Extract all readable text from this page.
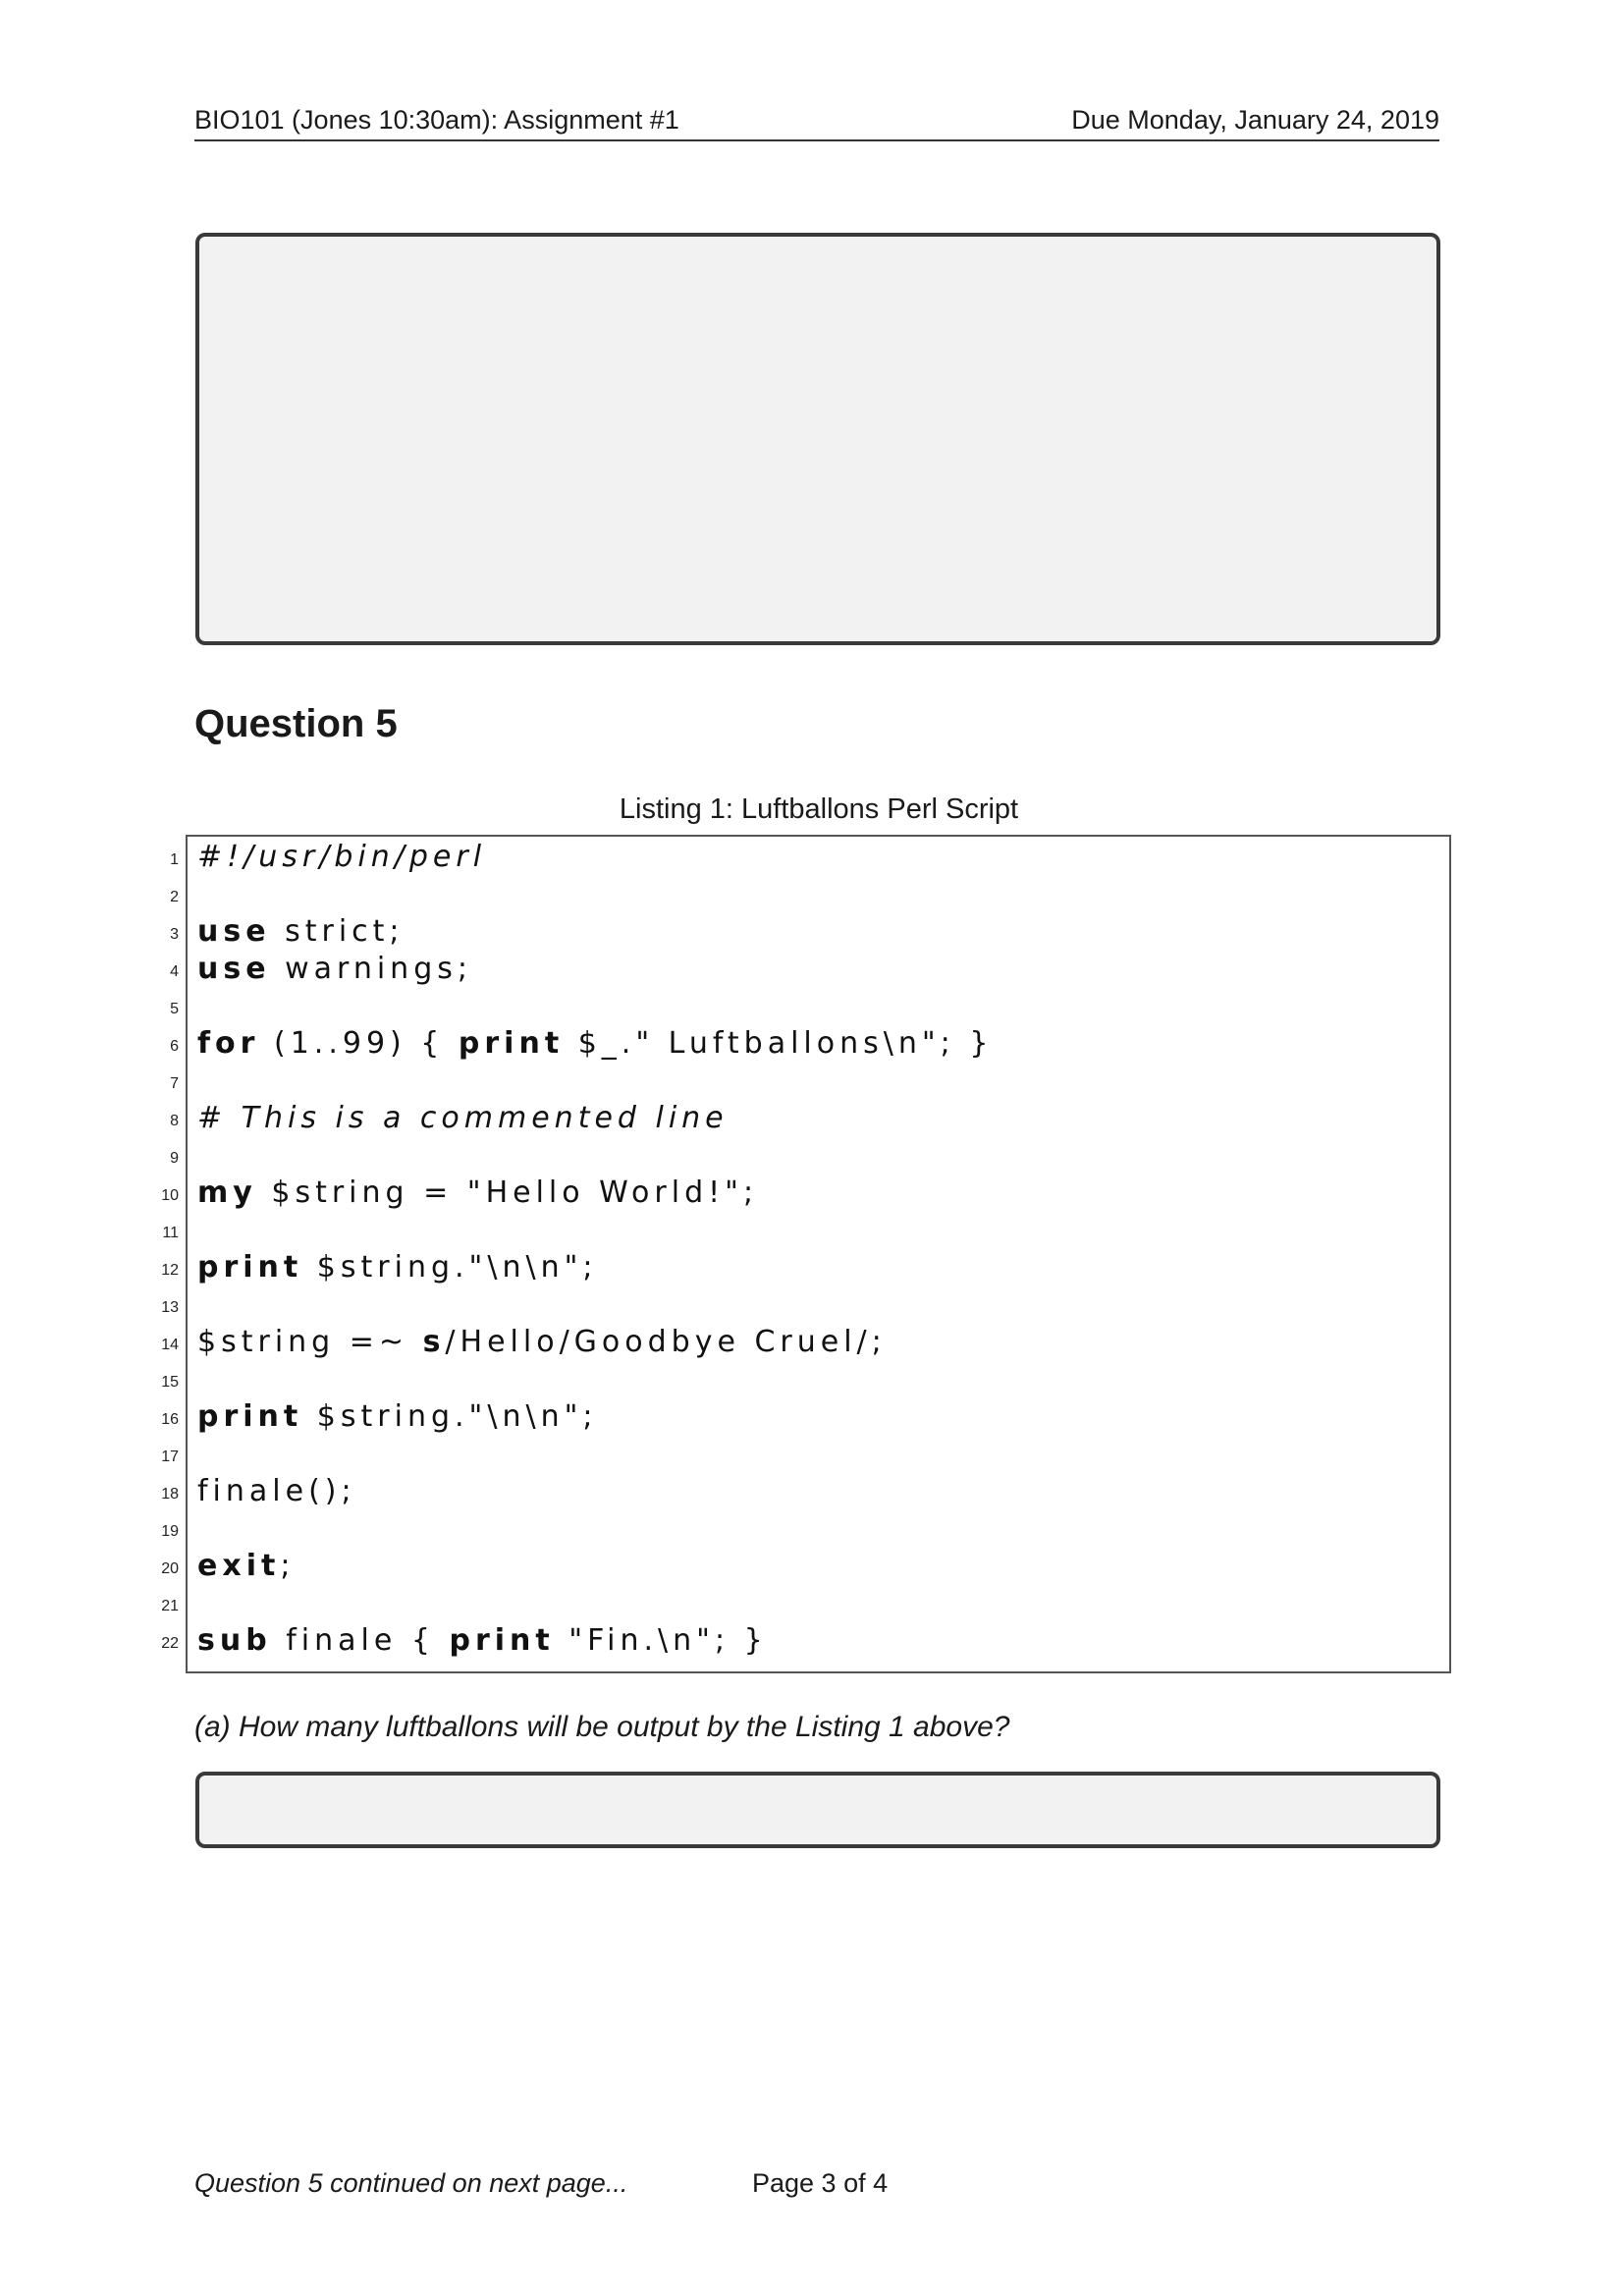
BIO101 (Jones 10:30am): Assignment #1	Due Monday, January 24, 2019
Question 5
Listing 1: Luftballons Perl Script
1 #!/usr/bin/perl
2
3 use strict;
4 use warnings;
5
6 for (1..99) { print $_." Luftballons\n"; }
7
8 # This is a commented line
9
10 my $string = "Hello World!";
11
12 print $string."\n\n";
13
14 $string =~ s/Hello/Goodbye Cruel/;
15
16 print $string."\n\n";
17
18 finale();
19
20 exit;
21
22 sub finale { print "Fin.\n"; }
(a) How many luftballons will be output by the Listing 1 above?
Question 5 continued on next page...	Page 3 of 4
